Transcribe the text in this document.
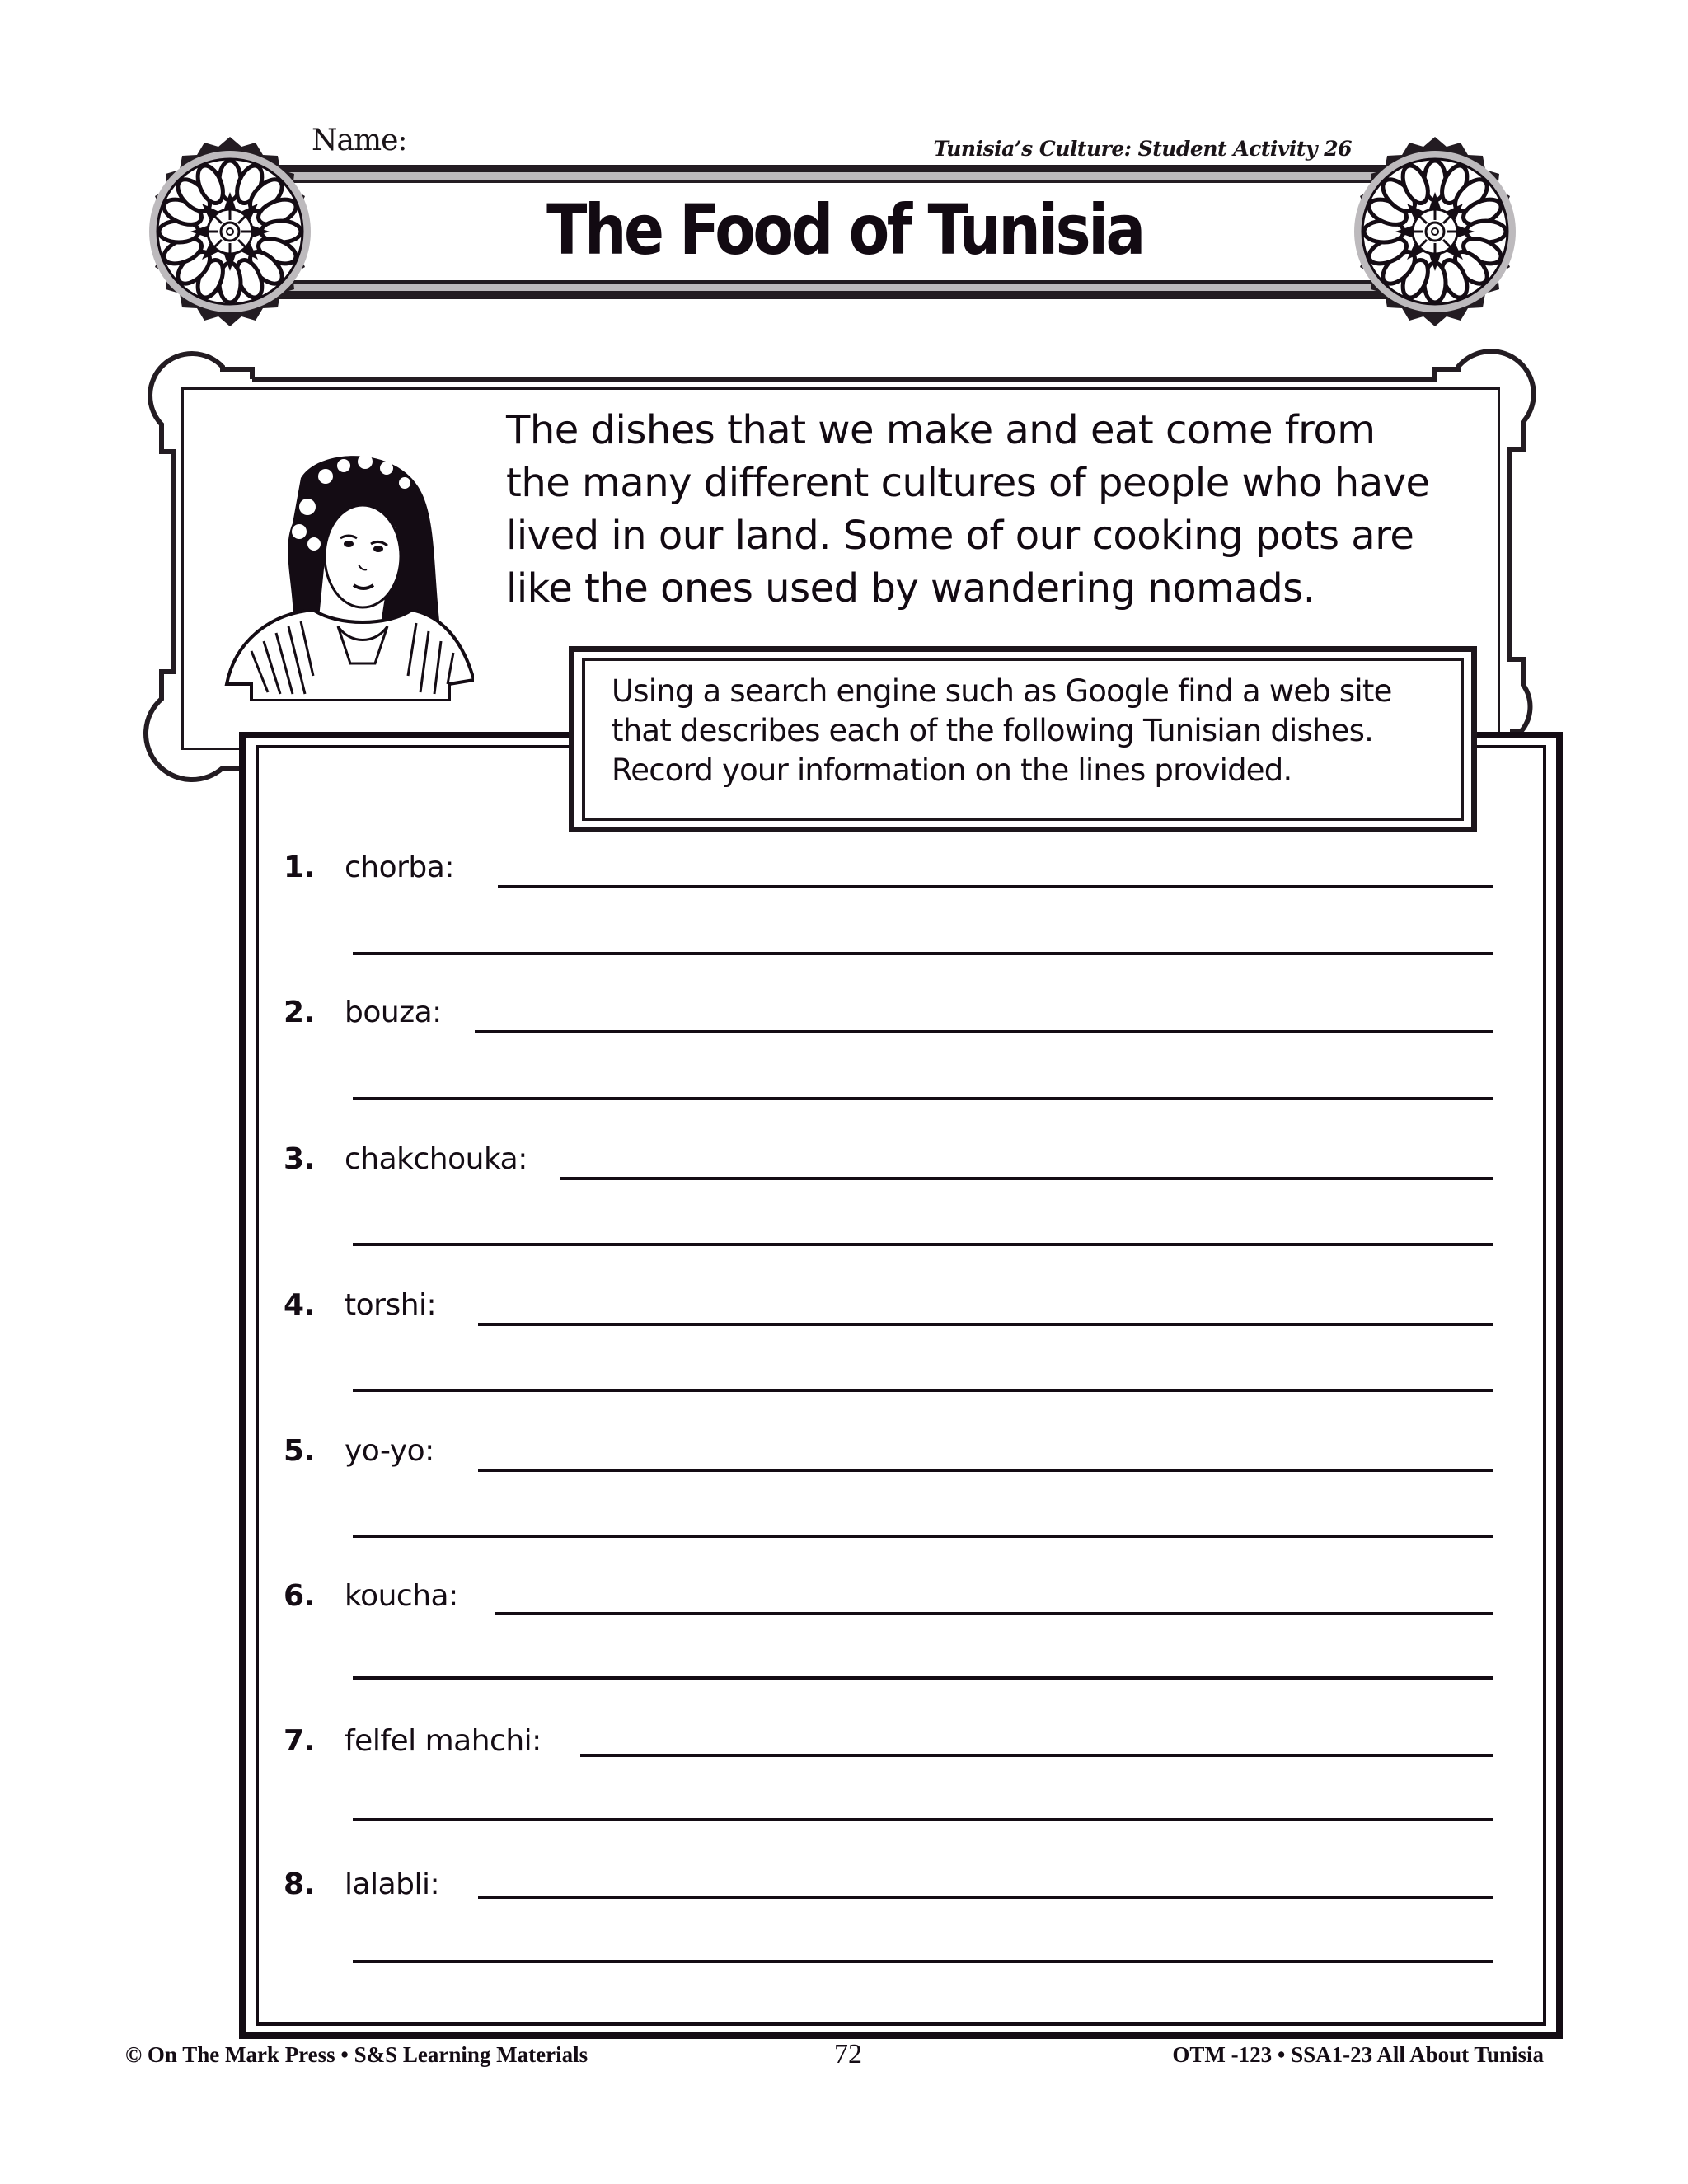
Name:	Tunisia’s Culture: Student Activity 26
The Food of Tunisia
The dishes that we make and eat come from
the many different cultures of people who have
lived in our land. Some of our cooking pots are
like the ones used by wandering nomads.
Using a search engine such as Google find a web site
that describes each of the following Tunisian dishes.
Record your information on the lines provided.
1. chorba:
2. bouza:
3. chakchouka:
4. torshi:
5. yo-yo:
6. koucha:
7. felfel mahchi:
8. lalabli:
© On The Mark Press • S&S Learning Materials	72	OTM -123 • SSA1-23 All About Tunisia
